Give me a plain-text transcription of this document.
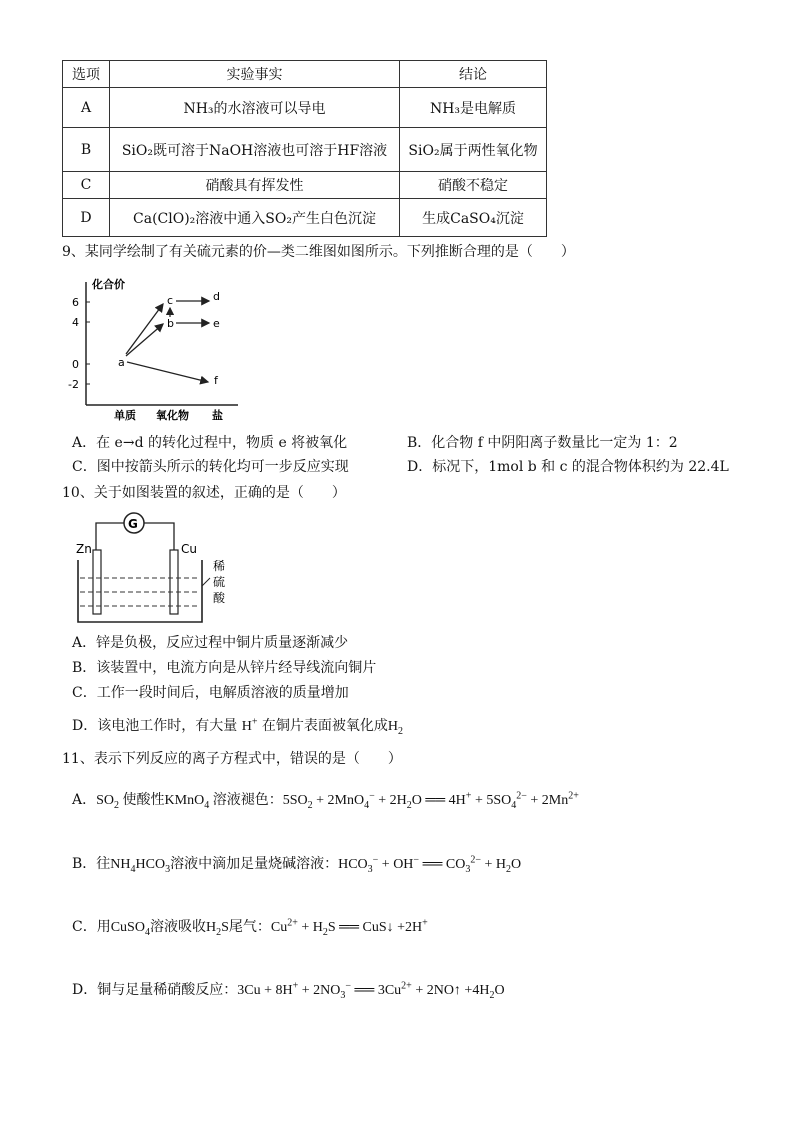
选项	实验事实	结论
A	NH₃的水溶液可以导电	NH₃是电解质
B	SiO₂既可溶于NaOH溶液也可溶于HF溶液	SiO₂属于两性氧化物
C	硝酸具有挥发性	硝酸不稳定
D	Ca(ClO)₂溶液中通入SO₂产生白色沉淀	生成CaSO₄沉淀
9、某同学绘制了有关硫元素的价—类二维图如图所示。下列推断合理的是（　　）
化合价
6
4
0
-2
单质 氧化物 盐
a
b
c	d
e
f
A．在 e→d 的转化过程中，物质 e 将被氧化	B．化合物 f 中阴阳离子数量比一定为 1：2
C．图中按箭头所示的转化均可一步反应实现	D．标况下，1mol b 和 c 的混合物体积约为 22.4L
10、关于如图装置的叙述，正确的是（　　）
G
Zn	Cu
稀
硫
酸
A．锌是负极，反应过程中铜片质量逐渐减少
B．该装置中，电流方向是从锌片经导线流向铜片
C．工作一段时间后，电解质溶液的质量增加
D．该电池工作时，有大量 H+ 在铜片表面被氧化成$H_2$
11、表示下列反应的离子方程式中，错误的是（　　）
A．$SO_2$ 使酸性KMnO$_4$ 溶液褪色：$5SO_2 + 2MnO_4^- + 2H_2O$ ══ $4H^+ + 5SO_4^{2-} + 2Mn^{2+}$
B．往$NH_4HCO_3$溶液中滴加足量烧碱溶液：$HCO_3^- + OH^-$ ══ $CO_3^{2-} + H_2O$
C．用CuSO$_4$溶液吸收$H_2S$尾气：$Cu^{2+} + H_2S$ ══ CuS↓ +2H+
D．铜与足量稀硝酸反应：$3Cu + 8H^+ + 2NO_3^-$ ══ $3Cu^{2+}$ + 2NO↑ $+4H_2O$
